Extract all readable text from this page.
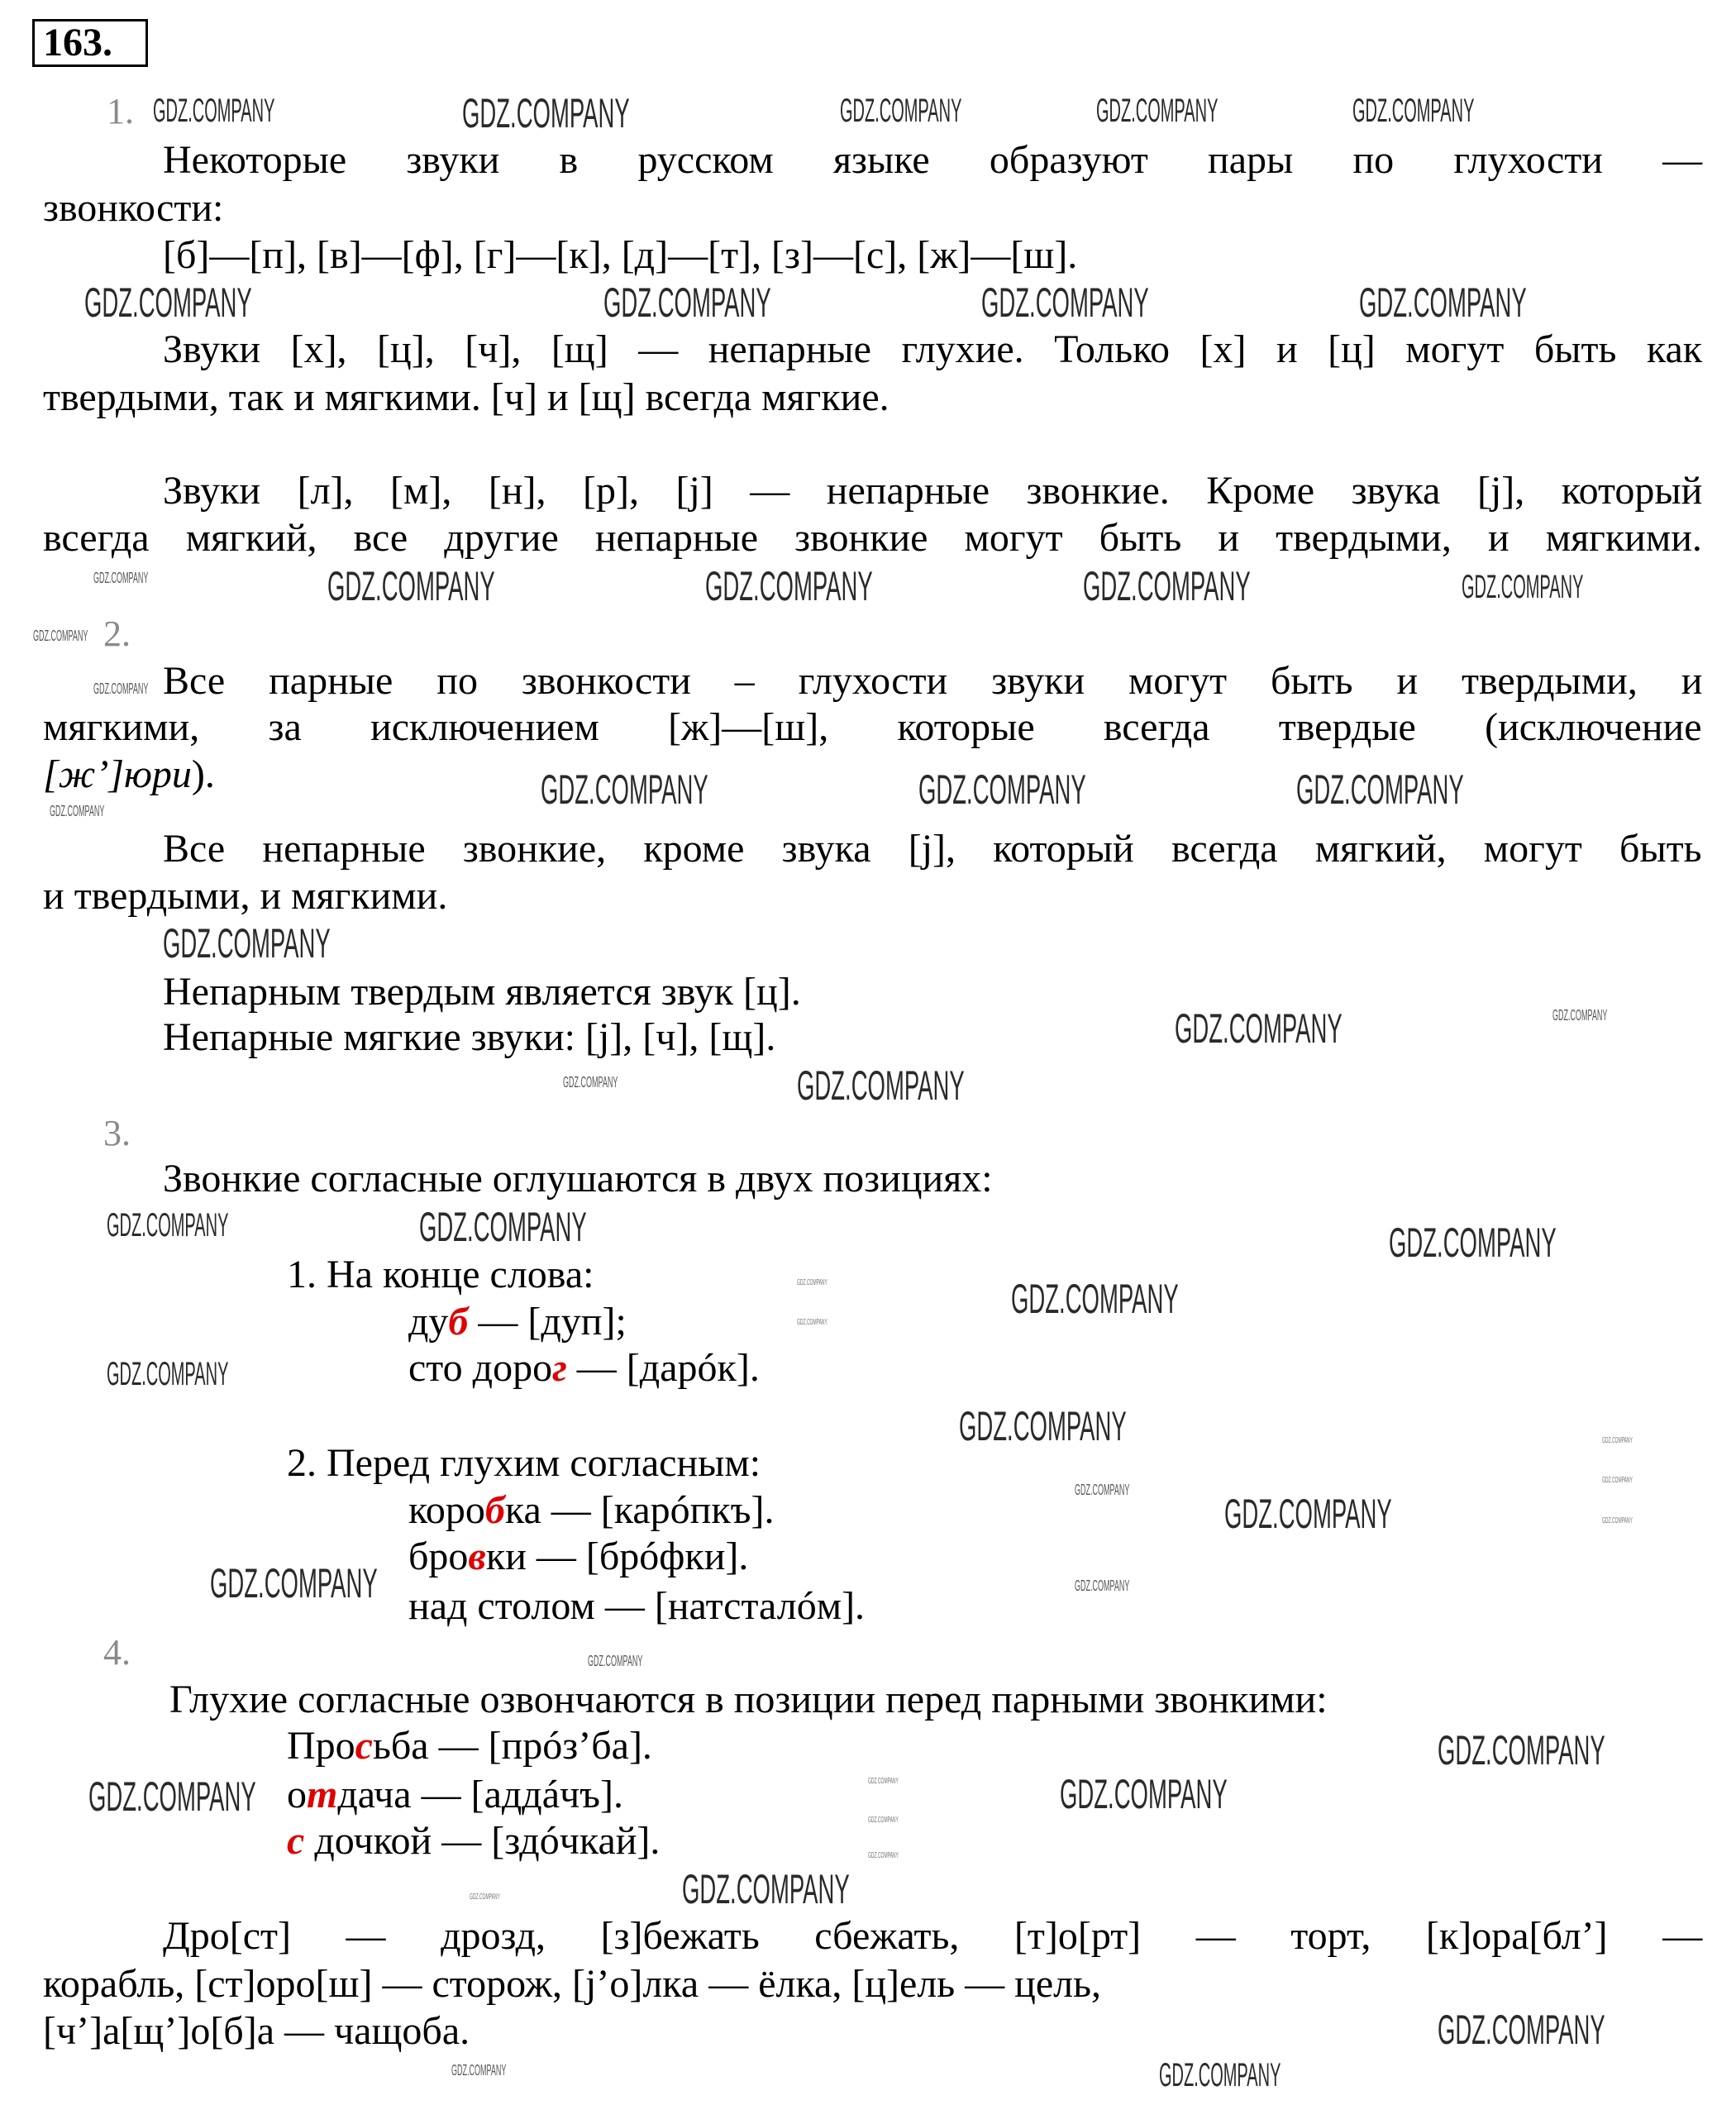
163.
1.
Некоторые звуки в русском языке образуют пары по глухости —
звонкости:
[б]—[п], [в]—[ф], [г]—[к], [д]—[т], [з]—[с], [ж]—[ш].
Звуки [х], [ц], [ч], [щ] — непарные глухие. Только [х] и [ц] могут быть как
твердыми, так и мягкими. [ч] и [щ] всегда мягкие.
Звуки [л], [м], [н], [р], [j] — непарные звонкие. Кроме звука [j], который
всегда мягкий, все другие непарные звонкие могут быть и твердыми, и мягкими.
2.
Все парные по звонкости – глухости звуки могут быть и твердыми, и
мягкими, за исключением [ж]—[ш], которые всегда твердые (исключение
[ж’]юри).
Все непарные звонкие, кроме звука [j], который всегда мягкий, могут быть
и твердыми, и мягкими.
Непарным твердым является звук [ц].
Непарные мягкие звуки: [j], [ч], [щ].
3.
Звонкие согласные оглушаются в двух позициях:
1. На конце слова:
дуб — [дуп];
сто дорог — [дарóк].
2. Перед глухим согласным:
коробка — [карóпкъ].
бровки — [брóфки].
над столом — [натсталóм].
4.
Глухие согласные озвончаются в позиции перед парными звонкими:
Просьба — [прóз’ба].
отдача — [аддáчъ].
с дочкой — [здóчкай].
Дро[ст] — дрозд, [з]бежать сбежать, [т]о[рт] — торт, [к]ора[бл’] —
корабль, [ст]оро[ш] — сторож, [j’о]лка — ёлка, [ц]ель — цель,
[ч’]а[щ’]о[б]а — чащоба.
GDZ.COMPANY
GDZ.COMPANY	GDZ.COMPANY	GDZ.COMPANY	GDZ.COMPANY
GDZ.COMPANY	GDZ.COMPANY	GDZ.COMPANY
GDZ.COMPANY	GDZ.COMPANY	GDZ.COMPANY
GDZ.COMPANY
GDZ.COMPANY
GDZ.COMPANY
GDZ.COMPANY	GDZ.COMPANY
GDZ.COMPANY
GDZ.COMPANY
GDZ.COMPANY
GDZ.COMPANY
GDZ.COMPANY
GDZ.COMPANY
GDZ.COMPANY
GDZ.COMPANY
GDZ.COMPANY
GDZ.COMPANY	GDZ.COMPANY	GDZ.COMPANY	GDZ.COMPANY
GDZ.COMPANY
GDZ.COMPANY
GDZ.COMPANY
GDZ.COMPANY
GDZ.COMPANY
GDZ.COMPANY
GDZ.COMPANY
GDZ.COMPANY
GDZ.COMPANY
GDZ.COMPANY
GDZ.COMPANY
GDZ.COMPANY
GDZ.COMPANY
GDZ.COMPANY
GDZ.COMPANY
GDZ.COMPANY
GDZ.COMPANY
GDZ.COMPANY
GDZ.COMPANY
GDZ.COMPANY
GDZ.COMPANY
GDZ.COMPANY
GDZ.COMPANY
